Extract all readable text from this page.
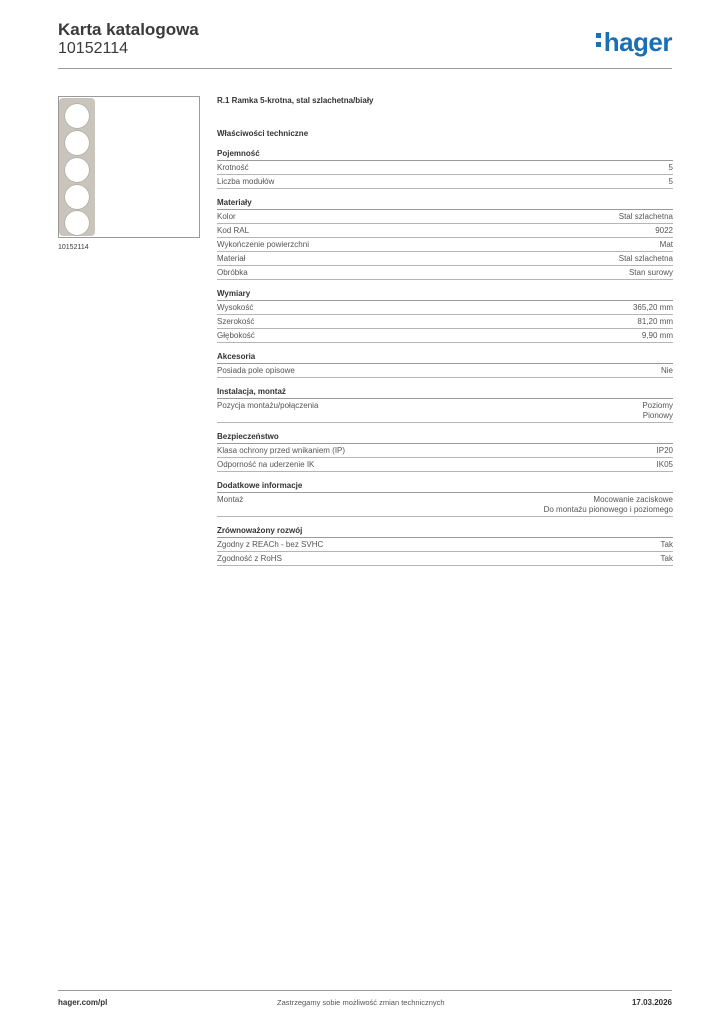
Karta katalogowa
10152114	hager
10152114
R.1 Ramka 5-krotna, stal szlachetna/biały
Właściwości techniczne
Pojemność
Krotność	5
Liczba modułów	5
Materiały
Kolor	Stal szlachetna
Kod RAL	9022
Wykończenie powierzchni	Mat
Materiał	Stal szlachetna
Obróbka	Stan surowy
Wymiary
Wysokość	365,20 mm
Szerokość	81,20 mm
Głębokość	9,90 mm
Akcesoria
Posiada pole opisowe	Nie
Instalacja, montaż
Pozycja montażu/połączenia	Poziomy
Pionowy
Bezpieczeństwo
Klasa ochrony przed wnikaniem (IP)	IP20
Odporność na uderzenie IK	IK05
Dodatkowe informacje
Montaż	Mocowanie zaciskowe
Do montażu pionowego i poziomego
Zrównoważony rozwój
Zgodny z REACh - bez SVHC	Tak
Zgodność z RoHS	Tak
hager.com/pl	Zastrzegamy sobie możliwość zmian technicznych	17.03.2026
